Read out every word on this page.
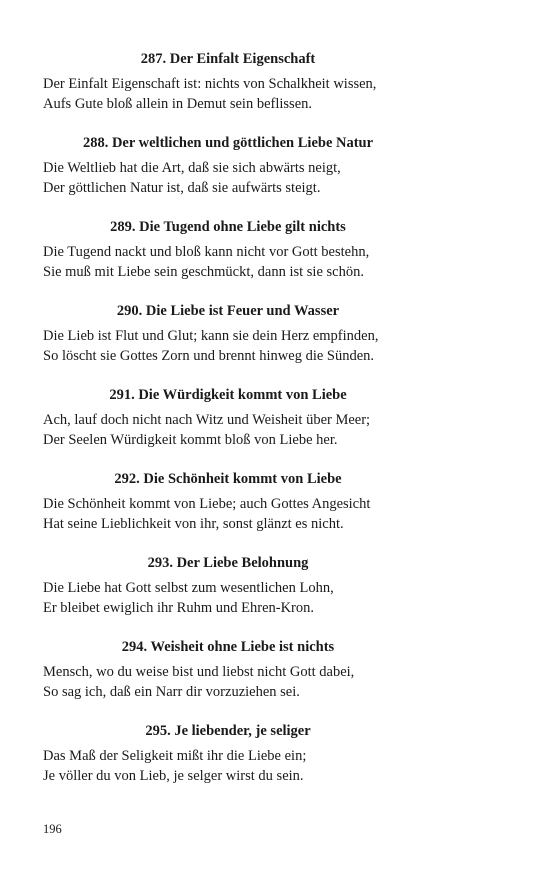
287. Der Einfalt Eigenschaft
Der Einfalt Eigenschaft ist: nichts von Schalkheit wissen,
Aufs Gute bloß allein in Demut sein beflissen.
288. Der weltlichen und göttlichen Liebe Natur
Die Weltlieb hat die Art, daß sie sich abwärts neigt,
Der göttlichen Natur ist, daß sie aufwärts steigt.
289. Die Tugend ohne Liebe gilt nichts
Die Tugend nackt und bloß kann nicht vor Gott bestehn,
Sie muß mit Liebe sein geschmückt, dann ist sie schön.
290. Die Liebe ist Feuer und Wasser
Die Lieb ist Flut und Glut; kann sie dein Herz empfinden,
So löscht sie Gottes Zorn und brennt hinweg die Sünden.
291. Die Würdigkeit kommt von Liebe
Ach, lauf doch nicht nach Witz und Weisheit über Meer;
Der Seelen Würdigkeit kommt bloß von Liebe her.
292. Die Schönheit kommt von Liebe
Die Schönheit kommt von Liebe; auch Gottes Angesicht
Hat seine Lieblichkeit von ihr, sonst glänzt es nicht.
293. Der Liebe Belohnung
Die Liebe hat Gott selbst zum wesentlichen Lohn,
Er bleibet ewiglich ihr Ruhm und Ehren-Kron.
294. Weisheit ohne Liebe ist nichts
Mensch, wo du weise bist und liebst nicht Gott dabei,
So sag ich, daß ein Narr dir vorzuziehen sei.
295. Je liebender, je seliger
Das Maß der Seligkeit mißt ihr die Liebe ein;
Je völler du von Lieb, je selger wirst du sein.
196
